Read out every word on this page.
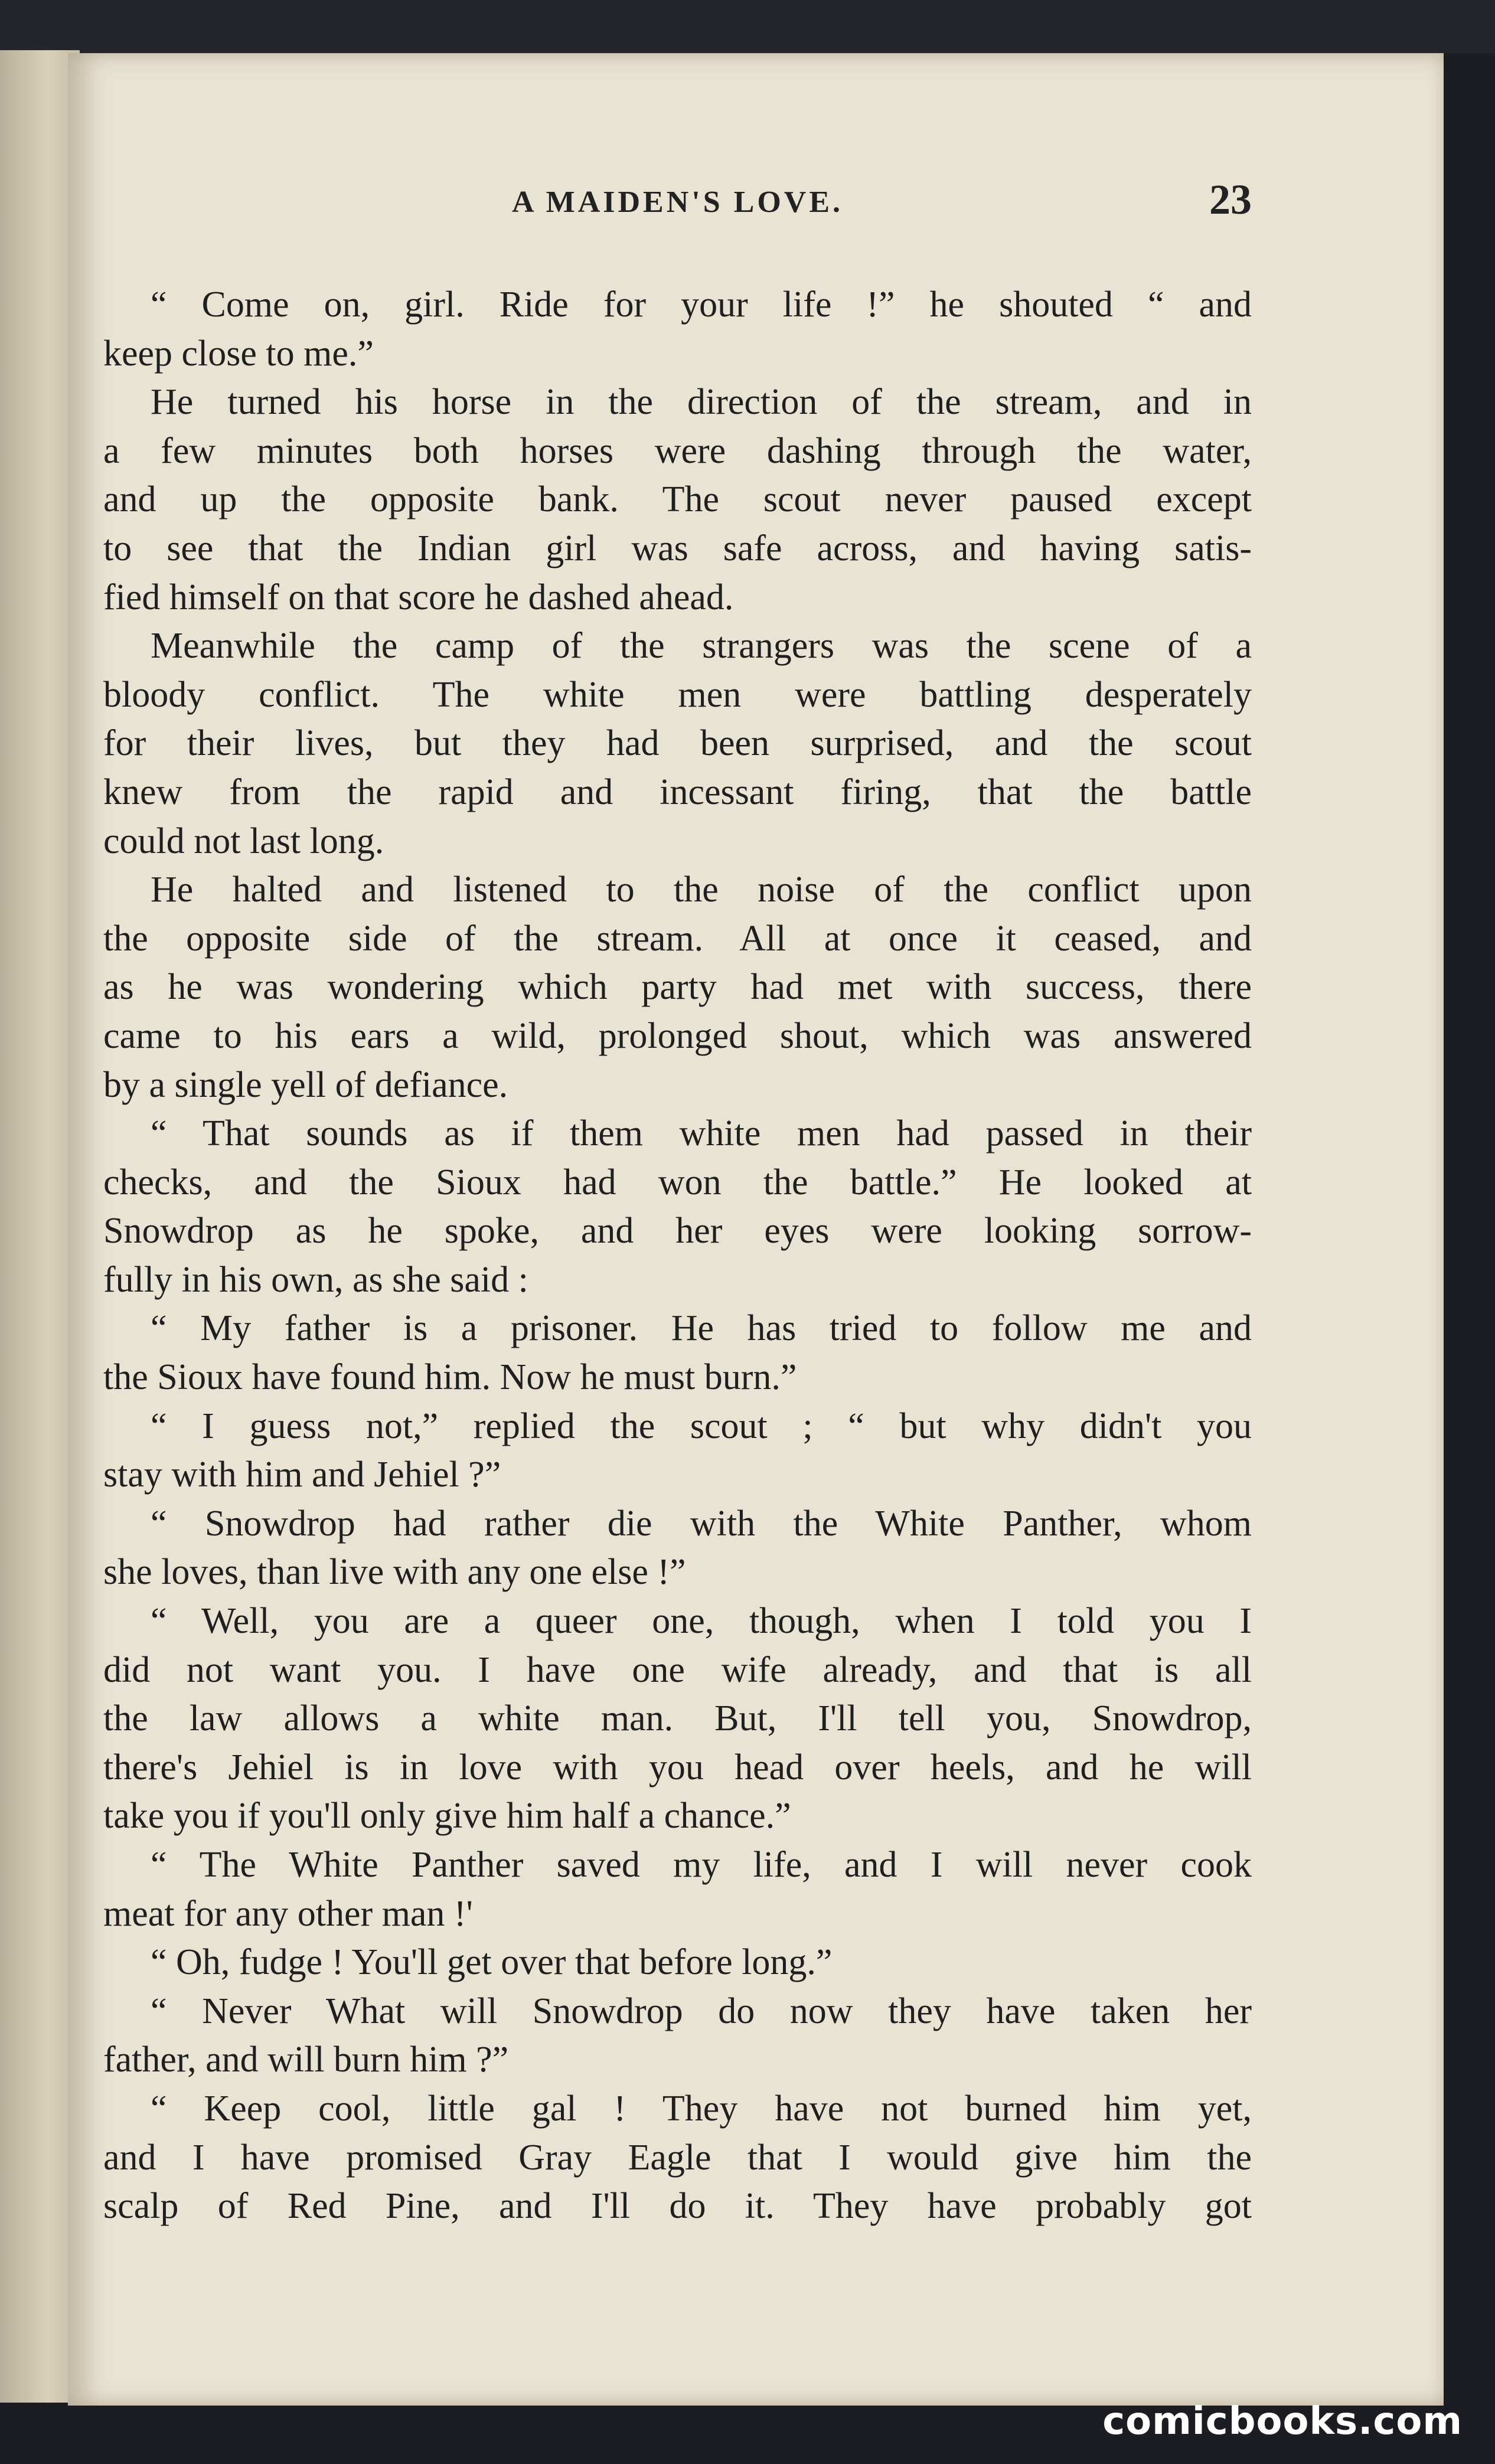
A MAIDEN'S LOVE.	23
“ Come on, girl. Ride for your life !” he shouted “ and
keep close to me.”
He turned his horse in the direction of the stream, and in
a few minutes both horses were dashing through the water,
and up the opposite bank. The scout never paused except
to see that the Indian girl was safe across, and having satis-
fied himself on that score he dashed ahead.
Meanwhile the camp of the strangers was the scene of a
bloody conflict. The white men were battling desperately
for their lives, but they had been surprised, and the scout
knew from the rapid and incessant firing, that the battle
could not last long.
He halted and listened to the noise of the conflict upon
the opposite side of the stream. All at once it ceased, and
as he was wondering which party had met with success, there
came to his ears a wild, prolonged shout, which was answered
by a single yell of defiance.
“ That sounds as if them white men had passed in their
checks, and the Sioux had won the battle.” He looked at
Snowdrop as he spoke, and her eyes were looking sorrow-
fully in his own, as she said :
“ My father is a prisoner. He has tried to follow me and
the Sioux have found him. Now he must burn.”
“ I guess not,” replied the scout ; “ but why didn't you
stay with him and Jehiel ?”
“ Snowdrop had rather die with the White Panther, whom
she loves, than live with any one else !”
“ Well, you are a queer one, though, when I told you I
did not want you. I have one wife already, and that is all
the law allows a white man. But, I'll tell you, Snowdrop,
there's Jehiel is in love with you head over heels, and he will
take you if you'll only give him half a chance.”
“ The White Panther saved my life, and I will never cook
meat for any other man !'
“ Oh, fudge ! You'll get over that before long.”
“ Never What will Snowdrop do now they have taken her
father, and will burn him ?”
“ Keep cool, little gal ! They have not burned him yet,
and I have promised Gray Eagle that I would give him the
scalp of Red Pine, and I'll do it. They have probably got
comicbooks.com
